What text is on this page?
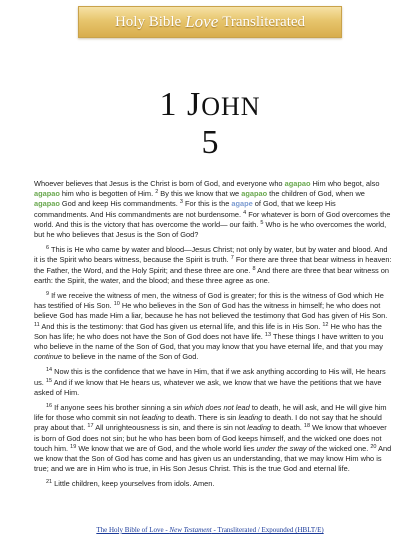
Holy Bible Love Transliterated
1 JOHN
5

Whoever believes that Jesus is the Christ is born of God, and everyone who agapao Him who begot, also agapao him who is begotten of Him. $^2$ By this we know that we agapao the children of God, when we agapao God and keep His commandments. $^3$ For this is the agape of God, that we keep His commandments. And His commandments are not burdensome. $^4$ For whatever is born of God overcomes the world. And this is the victory that has overcome the world— our faith. $^5$ Who is he who overcomes the world, but he who believes that Jesus is the Son of God?

$^6$ This is He who came by water and blood—Jesus Christ; not only by water, but by water and blood. And it is the Spirit who bears witness, because the Spirit is truth. $^7$ For there are three that bear witness in heaven: the Father, the Word, and the Holy Spirit; and these three are one. $^8$ And there are three that bear witness on earth: the Spirit, the water, and the blood; and these three agree as one.

$^9$ If we receive the witness of men, the witness of God is greater; for this is the witness of God which He has testified of His Son. $^{10}$ He who believes in the Son of God has the witness in himself; he who does not believe God has made Him a liar, because he has not believed the testimony that God has given of His Son. $^{11}$ And this is the testimony: that God has given us eternal life, and this life is in His Son. $^{12}$ He who has the Son has life; he who does not have the Son of God does not have life. $^{13}$ These things I have written to you who believe in the name of the Son of God, that you may know that you have eternal life, and that you may continue to believe in the name of the Son of God.

$^{14}$ Now this is the confidence that we have in Him, that if we ask anything according to His will, He hears us. $^{15}$ And if we know that He hears us, whatever we ask, we know that we have the petitions that we have asked of Him.

$^{16}$ If anyone sees his brother sinning a sin which does not lead to death, he will ask, and He will give him life for those who commit sin not leading to death. There is sin leading to death. I do not say that he should pray about that. $^{17}$ All unrighteousness is sin, and there is sin not leading to death. $^{18}$ We know that whoever is born of God does not sin; but he who has been born of God keeps himself, and the wicked one does not touch him. $^{19}$ We know that we are of God, and the whole world lies under the sway of the wicked one. $^{20}$ And we know that the Son of God has come and has given us an understanding, that we may know Him who is true; and we are in Him who is true, in His Son Jesus Christ. This is the true God and eternal life.

$^{21}$ Little children, keep yourselves from idols. Amen.

The Holy Bible of Love - New Testament - Transliterated / Expounded (HBLT/E)
